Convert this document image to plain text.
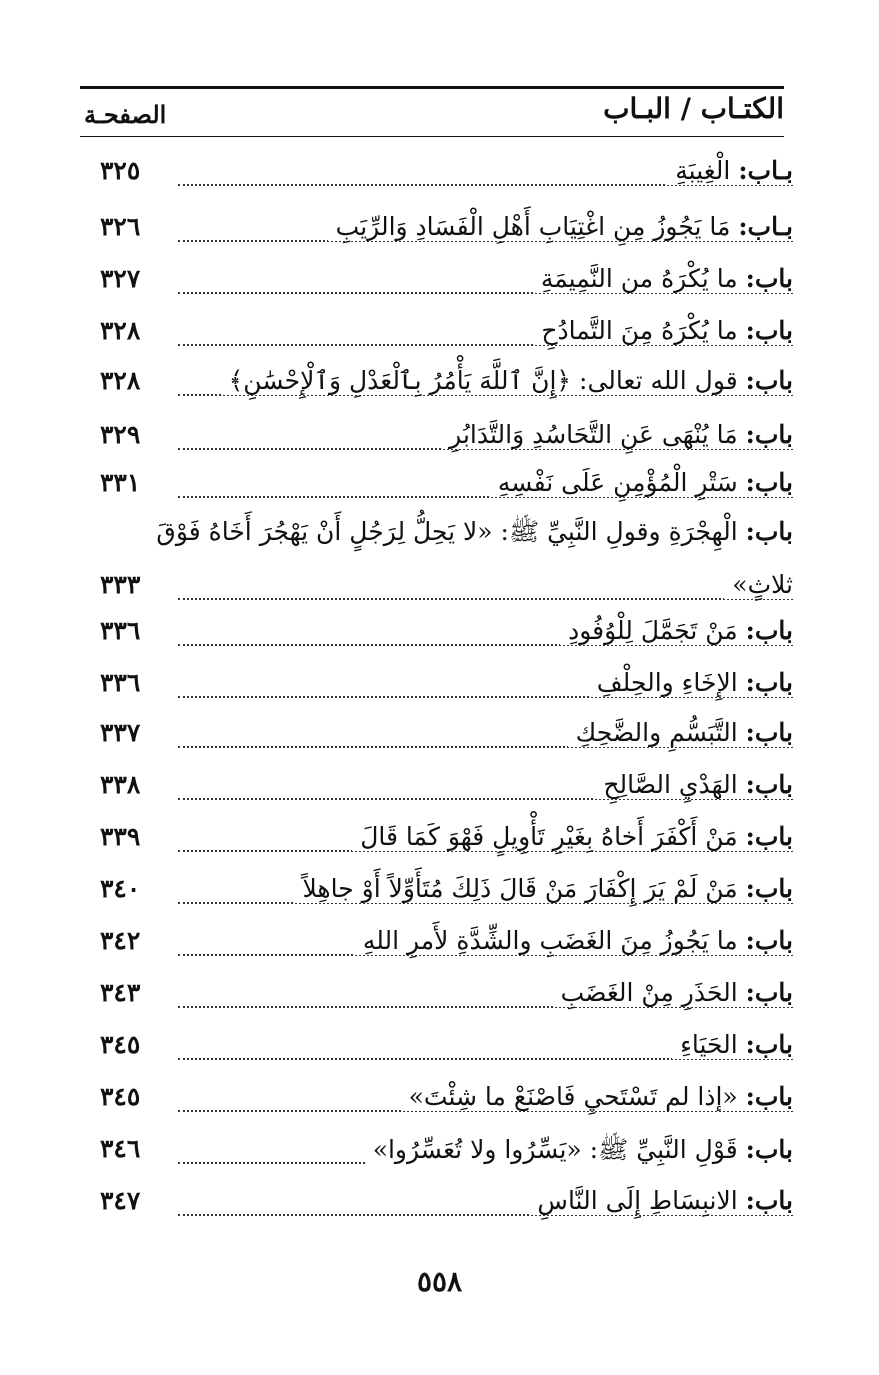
الكتـاب / البـاب
الصفحـة
بـاب: الْغِيبَةِ
٣٢٥
بـاب: مَا يَجُوزُ مِنِ اغْتِيَابِ أَهْلِ الْفَسَادِ وَالرِّيَبِ
٣٢٦
باب: ما يُكْرَهُ من النَّمِيمَةِ
٣٢٧
باب: ما يُكْرَهُ مِنَ التَّمادُحِ
٣٢٨
باب: قول الله تعالى: ﴿إِنَّ ٱللَّهَ يَأْمُرُ بِٱلْعَدْلِ وَٱلْإِحْسَٰنِ﴾
٣٢٨
باب: مَا يُنْهَى عَنِ التَّحَاسُدِ وَالتَّدَابُرِ
٣٢٩
باب: سَتْرِ الْمُؤْمِنِ عَلَى نَفْسِهِ
٣٣١
باب: الْهِجْرَةِ وقولِ النَّبِيِّ ﷺ: «لا يَحِلُّ لِرَجُلٍ أَنْ يَهْجُرَ أَخَاهُ فَوْقَ
ثلاثٍ»
٣٣٣
باب: مَنْ تَجَمَّلَ لِلْوُفُودِ
٣٣٦
باب: الإِخَاءِ والحِلْفِ
٣٣٦
باب: التَّبَسُّمِ والضَّحِكِ
٣٣٧
باب: الهَدْيِ الصَّالِحِ
٣٣٨
باب: مَنْ أَكْفَرَ أَخاهُ بِغَيْرِ تَأْوِيلٍ فَهْوَ كَمَا قَالَ
٣٣٩
باب: مَنْ لَمْ يَرَ إِكْفَارَ مَنْ قَالَ ذَلِكَ مُتَأَوِّلاً أَوْ جاهِلاً
٣٤٠
باب: ما يَجُوزُ مِنَ الغَضَبِ والشِّدَّةِ لأَمرِ اللهِ
٣٤٢
باب: الحَذَرِ مِنْ الغَضَبِ
٣٤٣
باب: الحَيَاءِ
٣٤٥
باب: «إذا لم تَسْتَحيِ فَاصْنَعْ ما شِئْتَ»
٣٤٥
باب: قَوْلِ النَّبِيِّ ﷺ: «يَسِّرُوا ولا تُعَسِّرُوا»
٣٤٦
باب: الانبِسَاطِ إِلَى النَّاسِ
٣٤٧
٥٥٨
